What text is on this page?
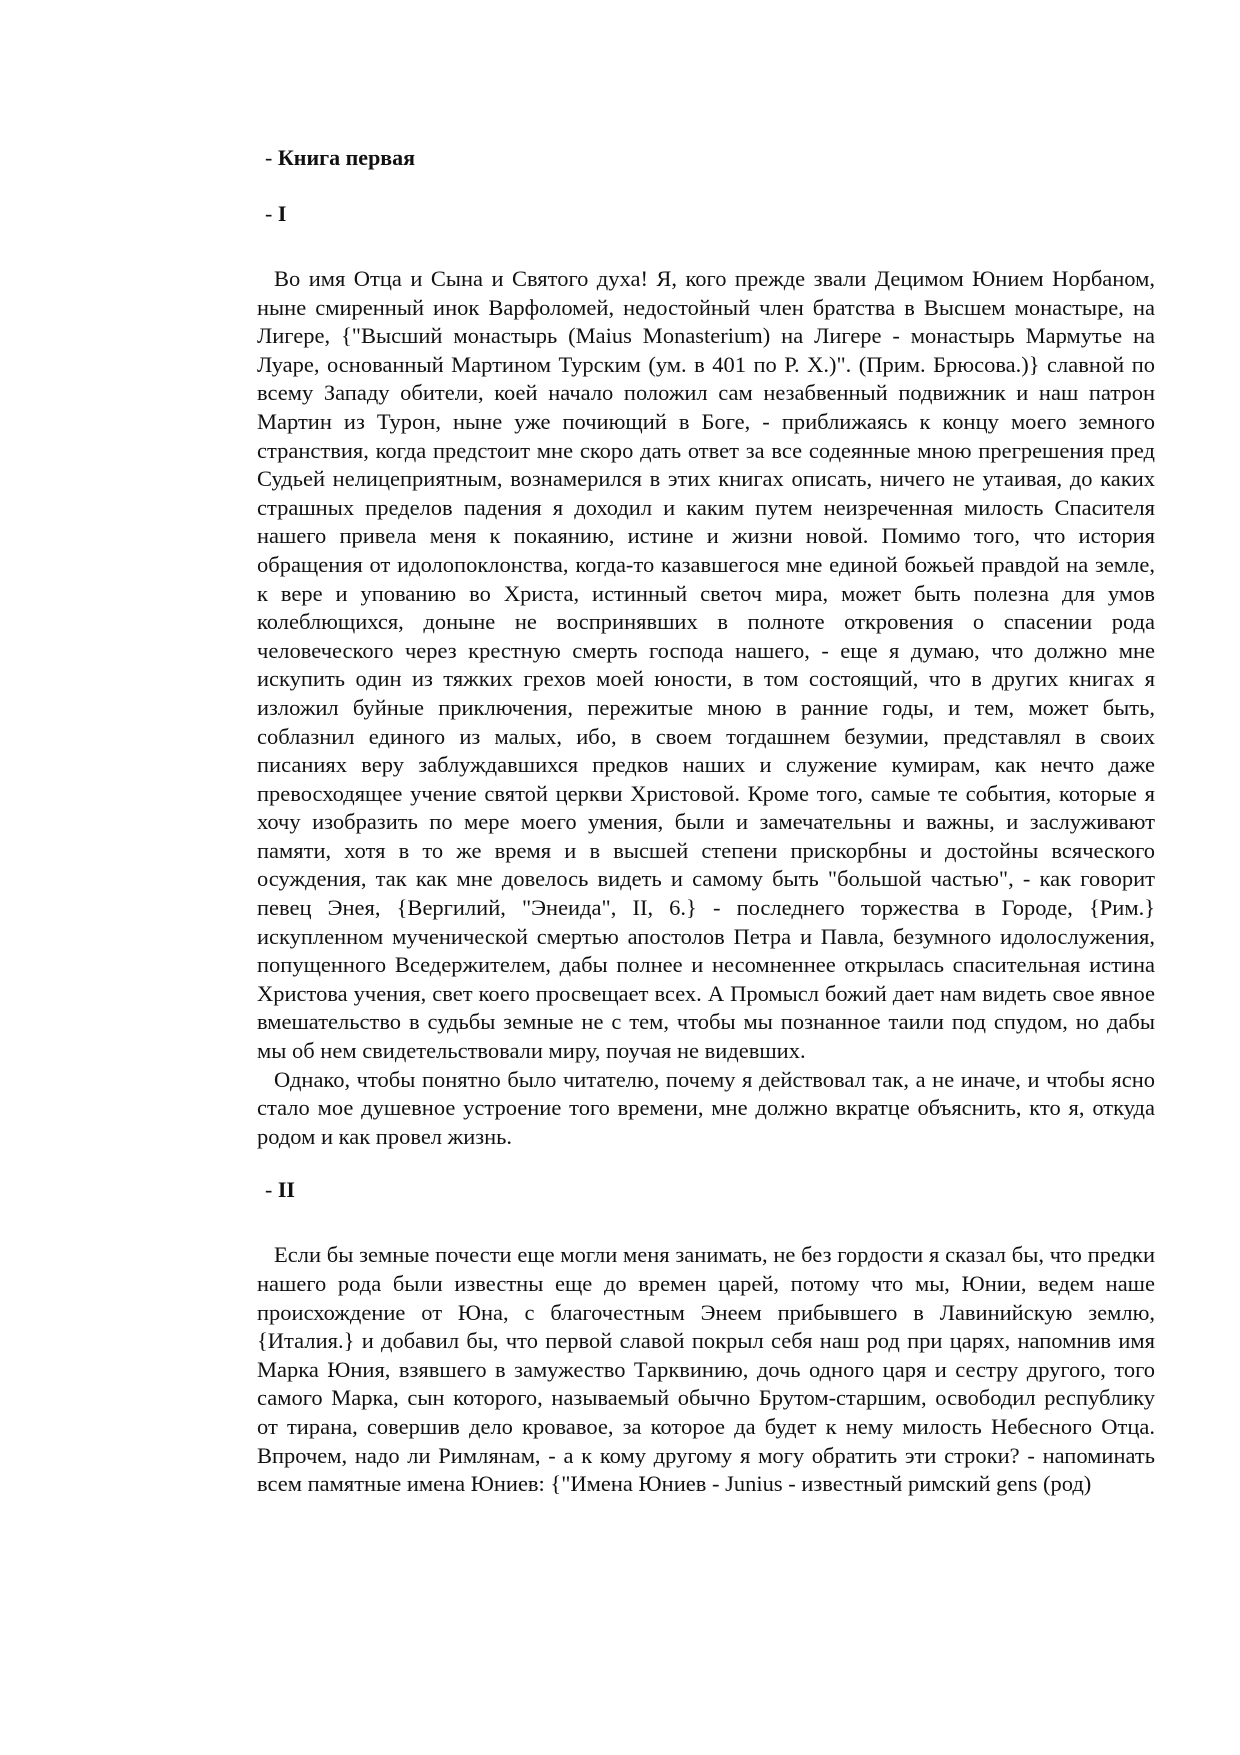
- Книга первая
- I

Во имя Отца и Сына и Святого духа! Я, кого прежде звали Децимом Юнием Норбаном, ныне смиренный инок Варфоломей, недостойный член братства в Высшем монастыре, на Лигере, {"Высший монастырь (Maius Monasterium) на Лигере - монастырь Мармутье на Луаре, основанный Мартином Турским (ум. в 401 по Р. Х.)". (Прим. Брюсова.)} славной по всему Западу обители, коей начало положил сам незабвенный подвижник и наш патрон Мартин из Турон, ныне уже почиющий в Боге, - приближаясь к концу моего земного странствия, когда предстоит мне скоро дать ответ за все содеянные мною прегрешения пред Судьей нелицеприятным, вознамерился в этих книгах описать, ничего не утаивая, до каких страшных пределов падения я доходил и каким путем неизреченная милость Спасителя нашего привела меня к покаянию, истине и жизни новой. Помимо того, что история обращения от идолопоклонства, когда-то казавшегося мне единой божьей правдой на земле, к вере и упованию во Христа, истинный светоч мира, может быть полезна для умов колеблющихся, доныне не воспринявших в полноте откровения о спасении рода человеческого через крестную смерть господа нашего, - еще я думаю, что должно мне искупить один из тяжких грехов моей юности, в том состоящий, что в других книгах я изложил буйные приключения, пережитые мною в ранние годы, и тем, может быть, соблазнил единого из малых, ибо, в своем тогдашнем безумии, представлял в своих писаниях веру заблуждавшихся предков наших и служение кумирам, как нечто даже превосходящее учение святой церкви Христовой. Кроме того, самые те события, которые я хочу изобразить по мере моего умения, были и замечательны и важны, и заслуживают памяти, хотя в то же время и в высшей степени прискорбны и достойны всяческого осуждения, так как мне довелось видеть и самому быть "большой частью", - как говорит певец Энея, {Вергилий, "Энеида", II, 6.} - последнего торжества в Городе, {Рим.} искупленном мученической смертью апостолов Петра и Павла, безумного идолослужения, попущенного Вседержителем, дабы полнее и несомненнее открылась спасительная истина Христова учения, свет коего просвещает всех. А Промысл божий дает нам видеть свое явное вмешательство в судьбы земные не с тем, чтобы мы познанное таили под спудом, но дабы мы об нем свидетельствовали миру, поучая не видевших.

Однако, чтобы понятно было читателю, почему я действовал так, а не иначе, и чтобы ясно стало мое душевное устроение того времени, мне должно вкратце объяснить, кто я, откуда родом и как провел жизнь.

- II

Если бы земные почести еще могли меня занимать, не без гордости я сказал бы, что предки нашего рода были известны еще до времен царей, потому что мы, Юнии, ведем наше происхождение от Юна, с благочестным Энеем прибывшего в Лавинийскую землю, {Италия.} и добавил бы, что первой славой покрыл себя наш род при царях, напомнив имя Марка Юния, взявшего в замужество Тарквинию, дочь одного царя и сестру другого, того самого Марка, сын которого, называемый обычно Брутом-старшим, освободил республику от тирана, совершив дело кровавое, за которое да будет к нему милость Небесного Отца. Впрочем, надо ли Римлянам, - а к кому другому я могу обратить эти строки? - напоминать всем памятные имена Юниев: {"Имена Юниев - Junius - известный римский gens (род)
